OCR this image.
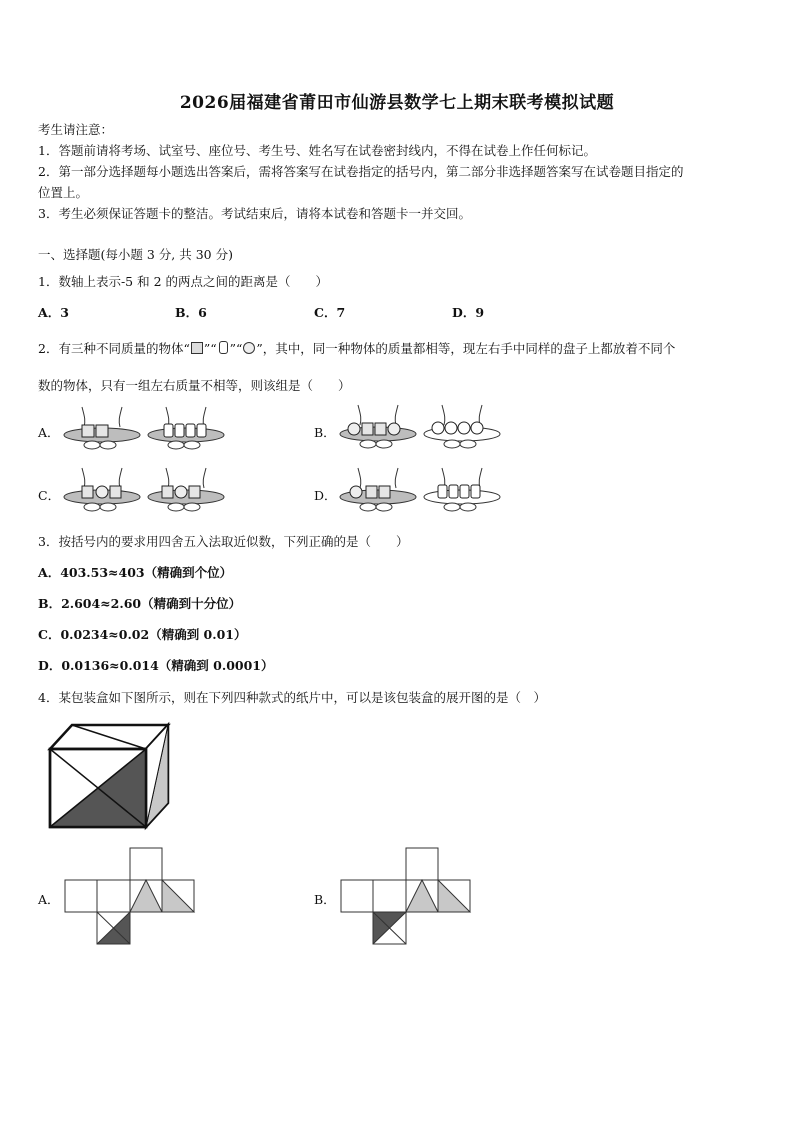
2026届福建省莆田市仙游县数学七上期末联考模拟试题
考生请注意：
1．答题前请将考场、试室号、座位号、考生号、姓名写在试卷密封线内，不得在试卷上作任何标记。
2．第一部分选择题每小题选出答案后，需将答案写在试卷指定的括号内，第二部分非选择题答案写在试卷题目指定的
位置上。
3．考生必须保证答题卡的整洁。考试结束后，请将本试卷和答题卡一并交回。
一、选择题(每小题 3 分, 共 30 分)
1．数轴上表示-5 和 2 的两点之间的距离是（　　）
A．3	B．6	C．7	D．9
2．有三种不同质量的物体“ ”“ ”“ ”，其中，同一种物体的质量都相等，现左右手中同样的盘子上都放着不同个
数的物体，只有一组左右质量不相等，则该组是（　　）
A．	B．
C．	D．
3．按括号内的要求用四舍五入法取近似数，下列正确的是（　　）
A．403.53≈403（精确到个位）
B．2.604≈2.60（精确到十分位）
C．0.0234≈0.02（精确到 0.01）
D．0.0136≈0.014（精确到 0.0001）
4．某包装盒如下图所示，则在下列四种款式的纸片中，可以是该包装盒的展开图的是（　）
A．	B．
